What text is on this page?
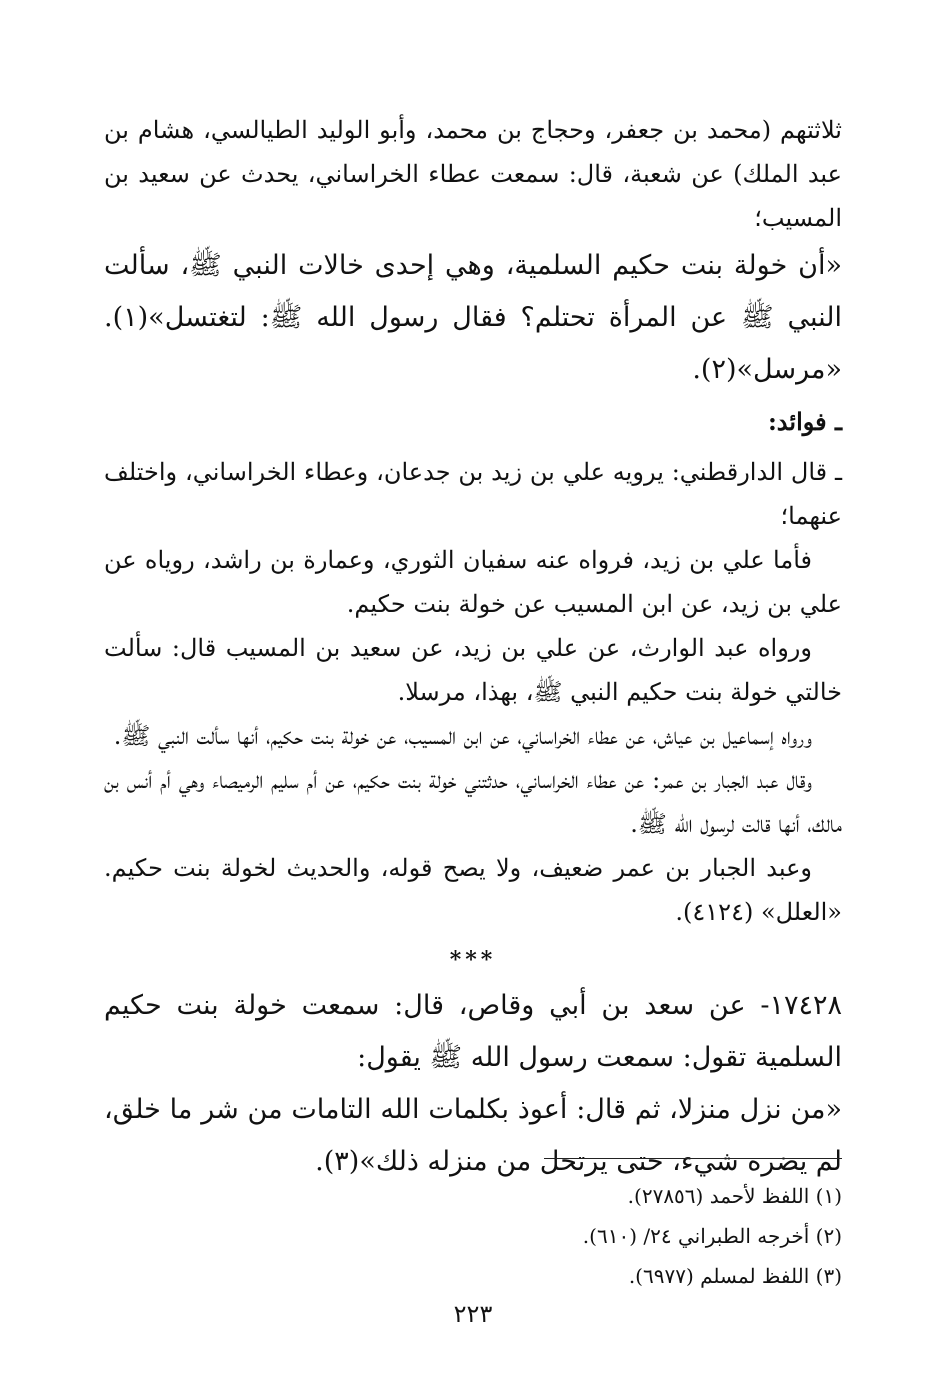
ثلاثتهم (محمد بن جعفر، وحجاج بن محمد، وأبو الوليد الطيالسي، هشام بن عبد الملك) عن شعبة، قال: سمعت عطاء الخراساني، يحدث عن سعيد بن المسيب؛

«أن خولة بنت حكيم السلمية، وهي إحدى خالات النبي ﷺ، سألت النبي ﷺ عن المرأة تحتلم؟ فقال رسول الله ﷺ: لتغتسل»(١). «مرسل»(٢).

ـ فوائد:

ـ قال الدارقطني: يرويه علي بن زيد بن جدعان، وعطاء الخراساني، واختلف عنهما؛

فأما علي بن زيد، فرواه عنه سفيان الثوري، وعمارة بن راشد، روياه عن علي بن زيد، عن ابن المسيب عن خولة بنت حكيم.

ورواه عبد الوارث، عن علي بن زيد، عن سعيد بن المسيب قال: سألت خالتي خولة بنت حكيم النبي ﷺ، بهذا، مرسلا.

ورواه إسماعيل بن عياش، عن عطاء الخراساني، عن ابن المسيب، عن خولة بنت حكيم، أنها سألت النبي ﷺ.

وقال عبد الجبار بن عمر: عن عطاء الخراساني، حدثتني خولة بنت حكيم، عن أم سليم الرميصاء وهي أم أنس بن مالك، أنها قالت لرسول الله ﷺ.

وعبد الجبار بن عمر ضعيف، ولا يصح قوله، والحديث لخولة بنت حكيم. «العلل» (٤١٢٤).

***

١٧٤٢٨- عن سعد بن أبي وقاص، قال: سمعت خولة بنت حكيم السلمية تقول: سمعت رسول الله ﷺ يقول:

«من نزل منزلا، ثم قال: أعوذ بكلمات الله التامات من شر ما خلق، لم يضره شيء، حتى يرتحل من منزله ذلك»(٣).

(١) اللفظ لأحمد (٢٧٨٥٦).
(٢) أخرجه الطبراني ٢٤/ (٦١٠).
(٣) اللفظ لمسلم (٦٩٧٧).
٢٢٣
